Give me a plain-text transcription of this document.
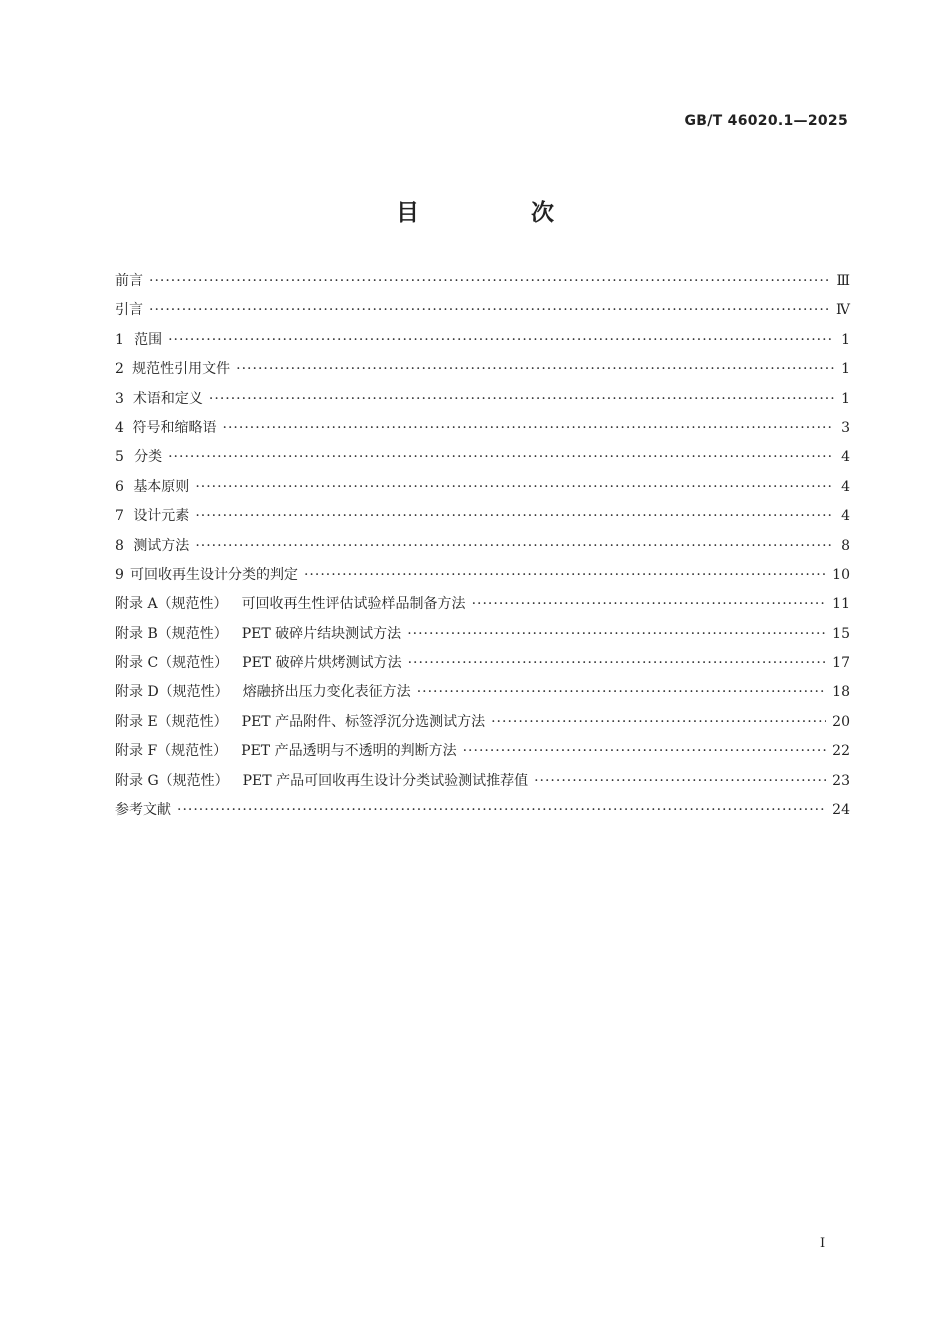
GB/T 46020.1—2025
目 次
前言 ·····	Ⅲ
引言 ·····	Ⅳ
1 范围 ·····	1
2 规范性引用文件 ·····	1
3 术语和定义 ·····	1
4 符号和缩略语 ·····	3
5 分类 ·····	4
6 基本原则 ·····	4
7 设计元素 ·····	4
8 测试方法 ·····	8
9 可回收再生设计分类的判定 ·····	10
附录 A（规范性） 可回收再生性评估试验样品制备方法 ·····	11
附录 B（规范性） PET 破碎片结块测试方法 ·····	15
附录 C（规范性） PET 破碎片烘烤测试方法 ·····	17
附录 D（规范性） 熔融挤出压力变化表征方法 ·····	18
附录 E（规范性） PET 产品附件、标签浮沉分选测试方法 ·····	20
附录 F（规范性） PET 产品透明与不透明的判断方法 ·····	22
附录 G（规范性） PET 产品可回收再生设计分类试验测试推荐值 ·····	23
参考文献 ·····	24
I
